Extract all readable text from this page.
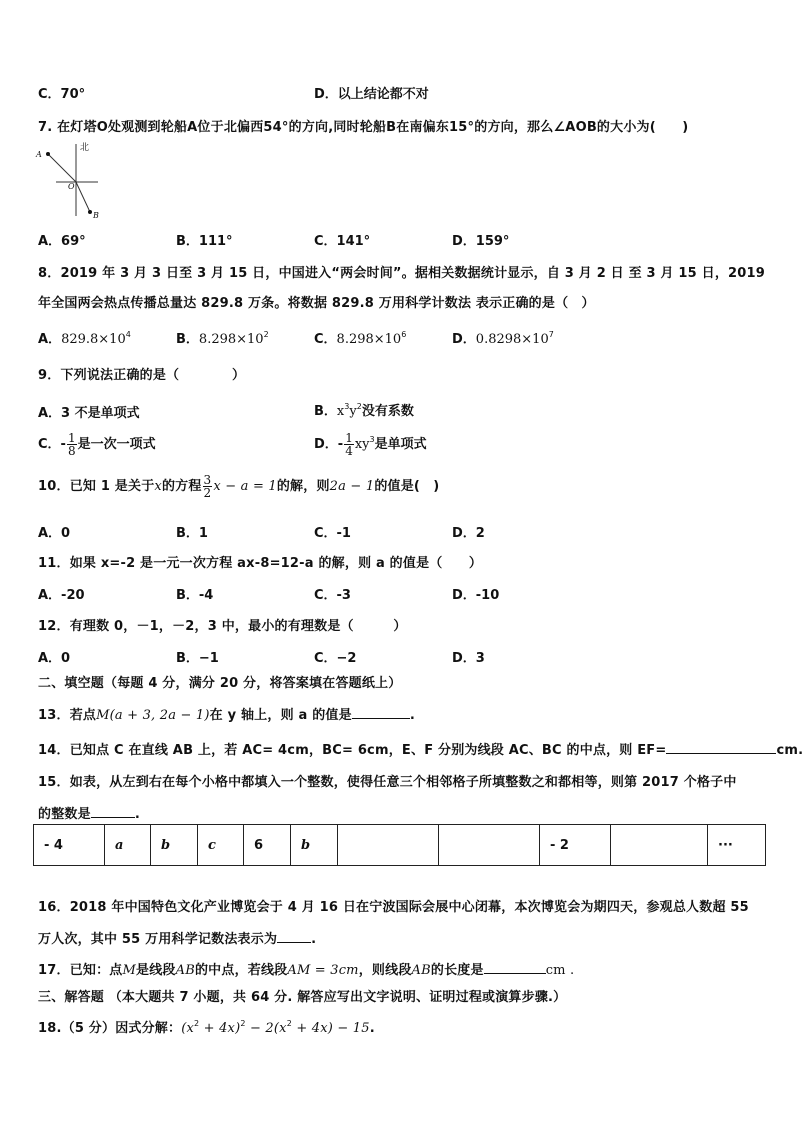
C．70°	D．以上结论都不对
7. 在灯塔O处观测到轮船A位于北偏西54°的方向,同时轮船B在南偏东15°的方向，那么∠AOB的大小为(　　)
北
A
O
B
A．69°	B．111°	C．141°	D．159°
8．2019 年 3 月 3 日至 3 月 15 日，中国进入“两会时间”。据相关数据统计显示，自 3 月 2 日 至 3 月 15 日，2019
年全国两会热点传播总量达 829.8 万条。将数据 829.8 万用科学计数法 表示正确的是（　）
A．$829.8\times 10^4$	B．$8.298\times 10^2$	C．$8.298\times 10^6$	D．$0.8298\times 10^7$
9．下列说法正确的是（　　　　）
A．3 不是单项式	B．$x^3y^2$没有系数
C．- $\frac{1}{8}$ 是一次一项式	D．- $\frac{1}{4} xy^3$是单项式
10．已知 1 是关于x的方程 $\frac{3}{2}$ x − a = 1的解，则2a − 1的值是(　)
A．0	B．1	C．-1	D．2
11．如果 x=-2 是一元一次方程 ax-8=12-a 的解，则 a 的值是（　　）
A．-20	B．-4	C．-3	D．-10
12．有理数 0，－1，－2，3 中，最小的有理数是（　　　）
A．0	B．−1	C．−2	D．3
二、填空题（每题 4 分，满分 20 分，将答案填在答题纸上）
13．若点M(a + 3, 2a − 1)在 y 轴上，则 a 的值是	.
14．已知点 C 在直线 AB 上，若 AC= 4cm，BC= 6cm，E、F 分别为线段 AC、BC 的中点，则 EF=	cm.
15．如表，从左到右在每个小格中都填入一个整数，使得任意三个相邻格子所填整数之和都相等，则第 2017 个格子中
的整数是	.
- 4	a	b	c	6	b			- 2		···
16．2018 年中国特色文化产业博览会于 4 月 16 日在宁波国际会展中心闭幕，本次博览会为期四天，参观总人数超 55
万人次，其中 55 万用科学记数法表示为	.
17．已知：点M是线段AB的中点，若线段AM = 3cm，则线段AB的长度是	cm .
三、解答题 （本大题共 7 小题，共 64 分. 解答应写出文字说明、证明过程或演算步骤.）
18.（5 分）因式分解：$(x^2 + 4x)^2 - 2(x^2 + 4x) - 15$.
